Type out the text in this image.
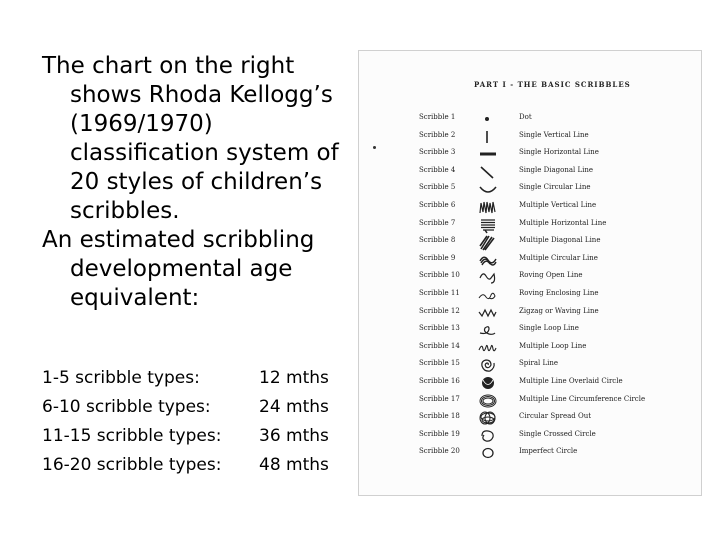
The chart on the right shows Rhoda Kellogg’s (1969/1970) classification system of 20 styles of children’s scribbles.
An estimated scribbling developmental age equivalent:
1-5 scribble types:	12 mths
6-10 scribble types:	24 mths
11-15 scribble types: 36 mths
16-20 scribble types: 48 mths
PART I - THE BASIC SCRIBBLES
Scribble 1	Dot
Scribble 2	Single Vertical Line
Scribble 3	Single Horizontal Line
Scribble 4	Single Diagonal Line
Scribble 5	Single Circular Line
Scribble 6	Multiple Vertical Line
Scribble 7	Multiple Horizontal Line
Scribble 8	Multiple Diagonal Line
Scribble 9	Multiple Circular Line
Scribble 10	Roving Open Line
Scribble 11	Roving Enclosing Line
Scribble 12	Zigzag or Waving Line
Scribble 13	Single Loop Line
Scribble 14	Multiple Loop Line
Scribble 15	Spiral Line
Scribble 16	Multiple Line Overlaid Circle
Scribble 17	Multiple Line Circumference Circle
Scribble 18	Circular Spread Out
Scribble 19	Single Crossed Circle
Scribble 20	Imperfect Circle
